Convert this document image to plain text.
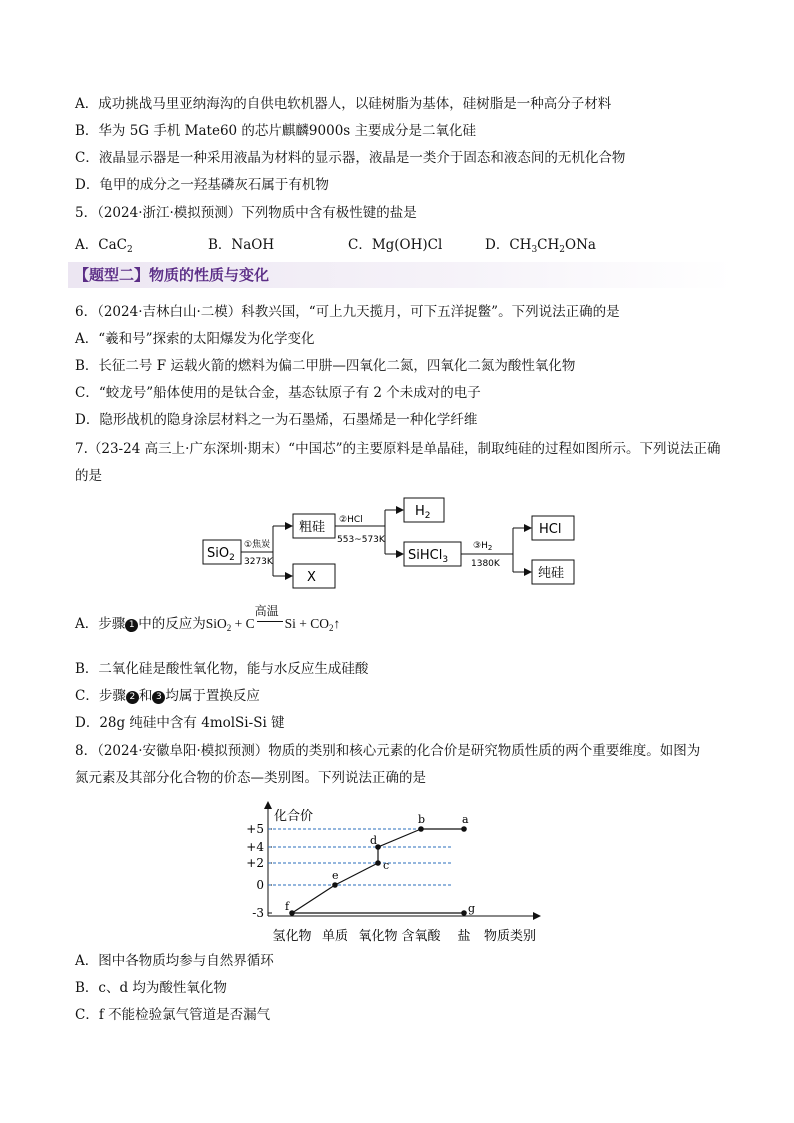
A．成功挑战马里亚纳海沟的自供电软机器人，以硅树脂为基体，硅树脂是一种高分子材料
B．华为 5G 手机 Mate60 的芯片麒麟9000s 主要成分是二氧化硅
C．液晶显示器是一种采用液晶为材料的显示器，液晶是一类介于固态和液态间的无机化合物
D．龟甲的成分之一羟基磷灰石属于有机物
5．（2024·浙江·模拟预测）下列物质中含有极性键的盐是
A．CaC$_2$	B．NaOH	C．Mg(OH)Cl	D．$CH_3CH_2ONa$
【题型二】物质的性质与变化
6．（2024·吉林白山·二模）科教兴国，“可上九天揽月，可下五洋捉鳖”。下列说法正确的是
A．“羲和号”探索的太阳爆发为化学变化
B．长征二号 F 运载火箭的燃料为偏二甲肼—四氧化二氮，四氧化二氮为酸性氧化物
C．“蛟龙号”船体使用的是钛合金，基态钛原子有 2 个未成对的电子
D．隐形战机的隐身涂层材料之一为石墨烯，石墨烯是一种化学纤维
7.（23-24 高三上·广东深圳·期末）“中国芯”的主要原料是单晶硅，制取纯硅的过程如图所示。下列说法正确
的是
SiO$_2$
①焦炭
3273K
粗硅
X
②HCl
553~573K
$H_2$
SiHCl$_3$
$③H_2$
1380K
HCl
纯硅
A．步骤 1 中的反应为SiO$_2$ + C
高温
$Si + CO_2↑$
B．二氧化硅是酸性氧化物，能与水反应生成硅酸
C．步骤 2 和 3 均属于置换反应
D．28g 纯硅中含有 4molSi-Si 键
8．（2024·安徽阜阳·模拟预测）物质的类别和核心元素的化合价是研究物质性质的两个重要维度。如图为
氮元素及其部分化合物的价态—类别图。下列说法正确的是
化合价
物质类别
+5
+4
+2
0
-3
氢化物 单质 氧化物 含氧酸 盐
f
e
c
d
b	a
g
A．图中各物质均参与自然界循环
B．c、d 均为酸性氧化物
C．f 不能检验氯气管道是否漏气
